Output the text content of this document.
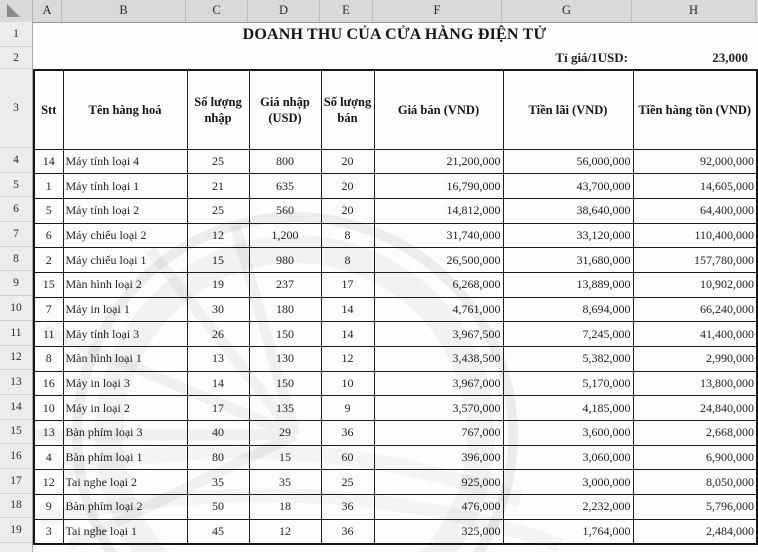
A	B	C	D	E	F	G	H
1
2
3
4
5
6
7
8
9
10
11
12
13
14
15
16
17
18
19
DOANH THU CỦA CỬA HÀNG ĐIỆN TỬ
Tỉ giá/1USD:	23,000
Stt	Tên hàng hoá	Số lượng nhập	Giá nhập (USD)	Số lượng bán	Giá bán (VND)	Tiền lãi (VND)	Tiền hàng tồn (VND)
14	Máy tính loại 4	25	800	20	21,200,000	56,000,000	92,000,000
1	Máy tính loại 1	21	635	20	16,790,000	43,700,000	14,605,000
5	Máy tính loại 2	25	560	20	14,812,000	38,640,000	64,400,000
6	Máy chiếu loại 2	12	1,200	8	31,740,000	33,120,000	110,400,000
2	Máy chiếu loại 1	15	980	8	26,500,000	31,680,000	157,780,000
15	Màn hình loại 2	19	237	17	6,268,000	13,889,000	10,902,000
7	Máy in loại 1	30	180	14	4,761,000	8,694,000	66,240,000
11	Máy tính loại 3	26	150	14	3,967,500	7,245,000	41,400,000
8	Màn hình loại 1	13	130	12	3,438,500	5,382,000	2,990,000
16	Máy in loại 3	14	150	10	3,967,000	5,170,000	13,800,000
10	Máy in loại 2	17	135	9	3,570,000	4,185,000	24,840,000
13	Bàn phím loại 3	40	29	36	767,000	3,600,000	2,668,000
4	Bàn phím loại 1	80	15	60	396,000	3,060,000	6,900,000
12	Tai nghe loại 2	35	35	25	925,000	3,000,000	8,050,000
9	Bàn phím loại 2	50	18	36	476,000	2,232,000	5,796,000
3	Tai nghe loại 1	45	12	36	325,000	1,764,000	2,484,000
